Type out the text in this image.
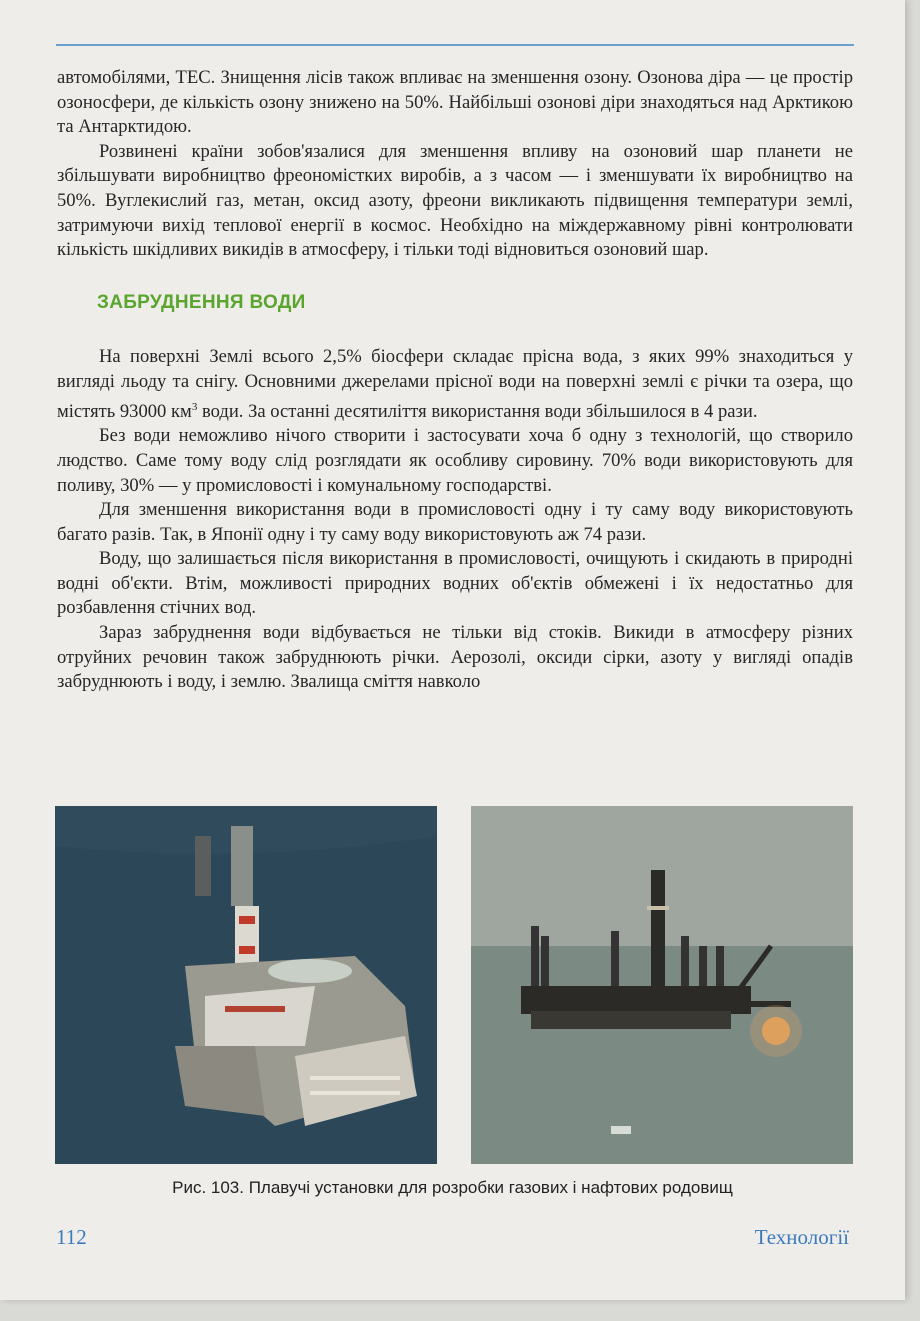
автомобілями, ТЕС. Знищення лісів також впливає на зменшення озону. Озонова діра — це простір озоносфери, де кількість озону знижено на 50%. Найбільші озонові діри знаходяться над Арктикою та Антарктидою.

Розвинені країни зобов'язалися для зменшення впливу на озоновий шар планети не збільшувати виробництво фреономістких виробів, а з часом — і зменшувати їх виробництво на 50%. Вуглекислий газ, метан, оксид азоту, фреони викликають підвищення температури землі, затримуючи вихід теплової енергії в космос. Необхідно на міждержавному рівні контролювати кількість шкідливих викидів в атмосферу, і тільки тоді відновиться озоновий шар.

ЗАБРУДНЕННЯ ВОДИ

На поверхні Землі всього 2,5% біосфери складає прісна вода, з яких 99% знаходиться у вигляді льоду та снігу. Основними джерелами прісної води на поверхні землі є річки та озера, що містять 93000 $км^3$ води. За останні десятиліття використання води збільшилося в 4 рази.

Без води неможливо нічого створити і застосувати хоча б одну з технологій, що створило людство. Саме тому воду слід розглядати як особливу сировину. 70% води використовують для поливу, 30% — у промисловості і комунальному господарстві.

Для зменшення використання води в промисловості одну і ту саму воду використовують багато разів. Так, в Японії одну і ту саму воду використовують аж 74 рази.

Воду, що залишається після використання в промисловості, очищують і скидають в природні водні об'єкти. Втім, можливості природних водних об'єктів обмежені і їх недостатньо для розбавлення стічних вод.

Зараз забруднення води відбувається не тільки від стоків. Викиди в атмосферу різних отруйних речовин також забруднюють річки. Аерозолі, оксиди сірки, азоту у вигляді опадів забруднюють і воду, і землю. Звалища сміття навколо

Рис. 103. Плавучі установки для розробки газових і нафтових родовищ
112	Технології
